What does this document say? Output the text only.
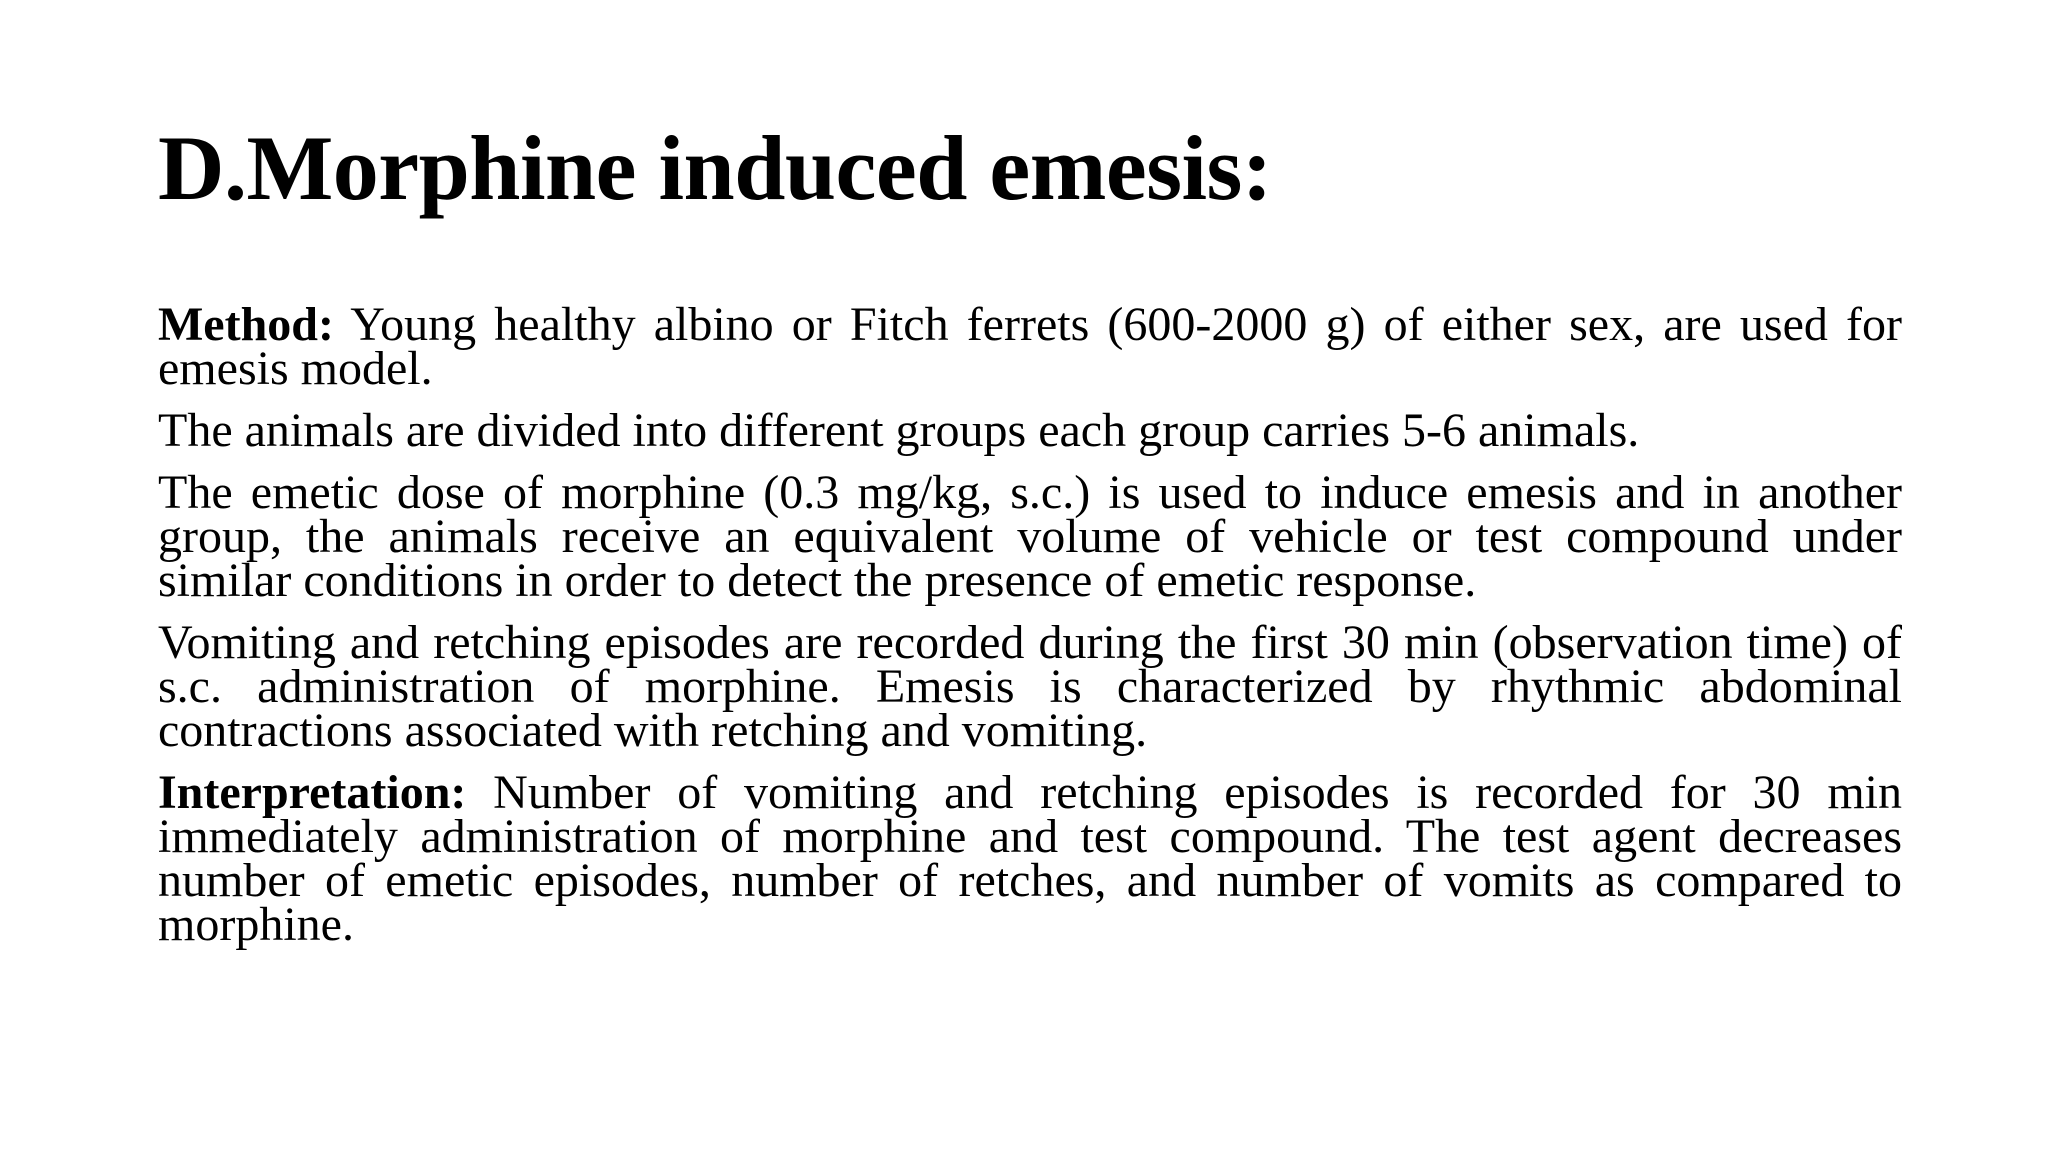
D.Morphine induced emesis:

Method: Young healthy albino or Fitch ferrets (600-2000 g) of either sex, are used for emesis model.

The animals are divided into different groups each group carries 5-6 animals.

The emetic dose of morphine (0.3 mg/kg, s.c.) is used to induce emesis and in another group, the animals receive an equivalent volume of vehicle or test compound under similar conditions in order to detect the presence of emetic response.

Vomiting and retching episodes are recorded during the first 30 min (observation time) of s.c. administration of morphine. Emesis is characterized by rhythmic abdominal contractions associated with retching and vomiting.

Interpretation: Number of vomiting and retching episodes is recorded for 30 min immediately administration of morphine and test compound. The test agent decreases number of emetic episodes, number of retches, and number of vomits as compared to morphine.
